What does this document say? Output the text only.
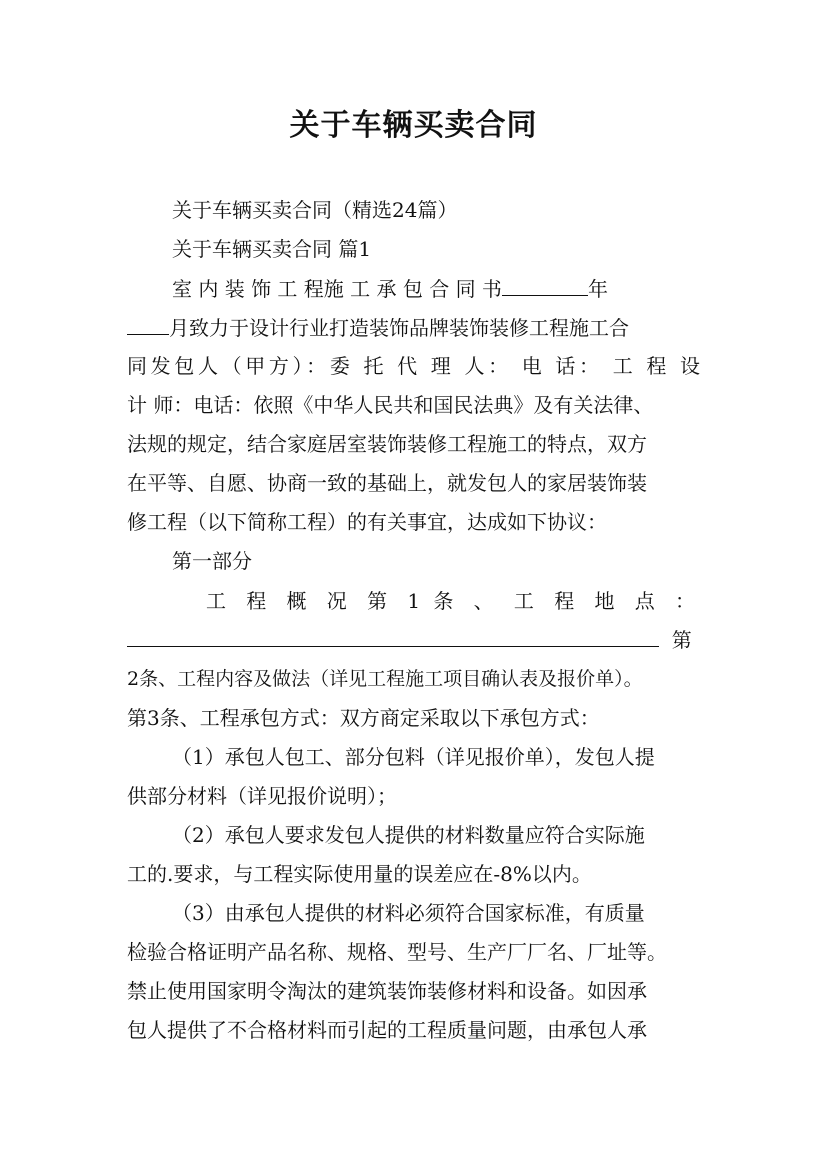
关于车辆买卖合同
关于车辆买卖合同（精选24篇）
关于车辆买卖合同 篇1
室 内 装 饰 工 程施 工 承 包 合 同 书	年
月致力于设计行业打造装饰品牌装饰装修工程施工合
同发包人（甲方）：委 托 代 理 人： 电 话： 工 程 设
计 师：电话：依照《中华人民共和国民法典》及有关法律、
法规的规定，结合家庭居室装饰装修工程施工的特点，双方
在平等、自愿、协商一致的基础上，就发包人的家居装饰装
修工程（以下简称工程）的有关事宜，达成如下协议：
第一部分
工 程 概 况 第 1 条 、 工 程 地 点 ：
第
2条、工程内容及做法（详见工程施工项目确认表及报价单）。
第3条、工程承包方式：双方商定采取以下承包方式：
（1）承包人包工、部分包料（详见报价单），发包人提
供部分材料（详见报价说明）；
（2）承包人要求发包人提供的材料数量应符合实际施
工的.要求，与工程实际使用量的误差应在-8%以内。
（3）由承包人提供的材料必须符合国家标准，有质量
检验合格证明产品名称、规格、型号、生产厂厂名、厂址等。
禁止使用国家明令淘汰的建筑装饰装修材料和设备。如因承
包人提供了不合格材料而引起的工程质量问题，由承包人承
